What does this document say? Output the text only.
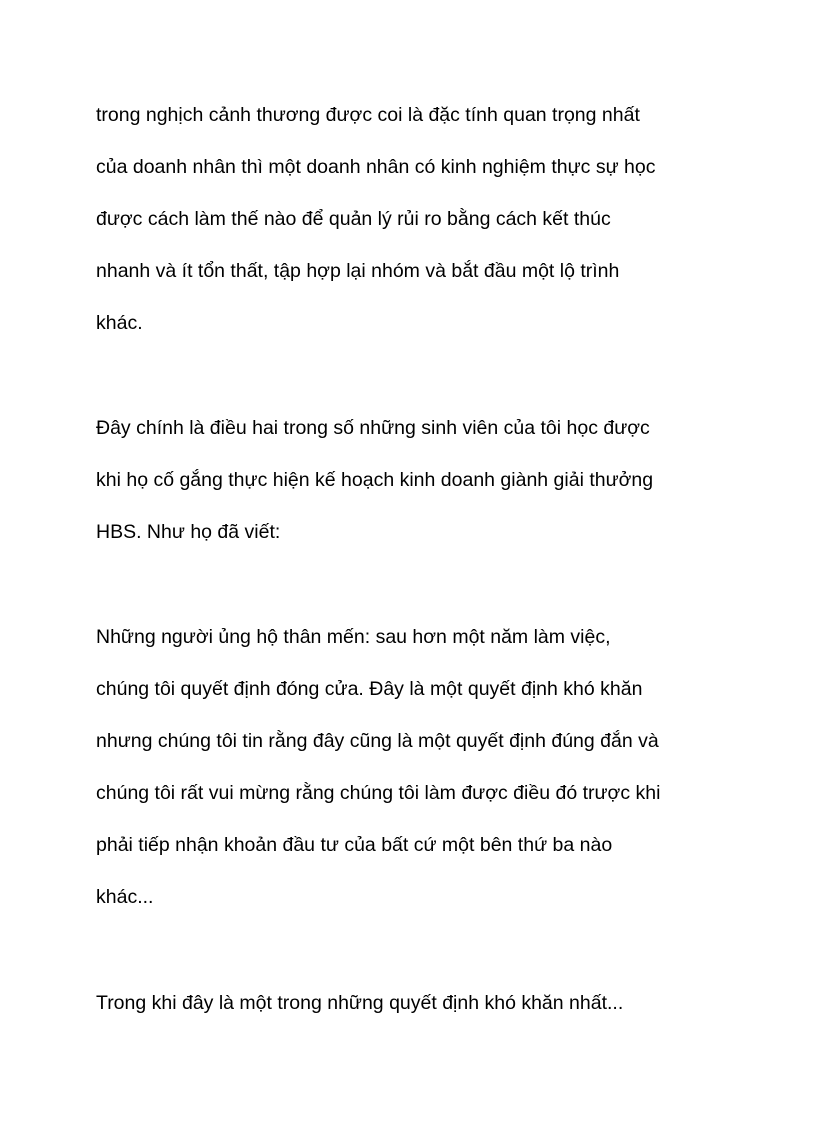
trong nghịch cảnh thương được coi là đặc tính quan trọng nhất
của doanh nhân thì một doanh nhân có kinh nghiệm thực sự học
được cách làm thế nào để quản lý rủi ro bằng cách kết thúc
nhanh và ít tổn thất, tập hợp lại nhóm và bắt đầu một lộ trình
khác.

Đây chính là điều hai trong số những sinh viên của tôi học được
khi họ cố gắng thực hiện kế hoạch kinh doanh giành giải thưởng
HBS. Như họ đã viết:

Những người ủng hộ thân mến: sau hơn một năm làm việc,
chúng tôi quyết định đóng cửa. Đây là một quyết định khó khăn
nhưng chúng tôi tin rằng đây cũng là một quyết định đúng đắn và
chúng tôi rất vui mừng rằng chúng tôi làm được điều đó trược khi
phải tiếp nhận khoản đầu tư của bất cứ một bên thứ ba nào
khác...

Trong khi đây là một trong những quyết định khó khăn nhất...
